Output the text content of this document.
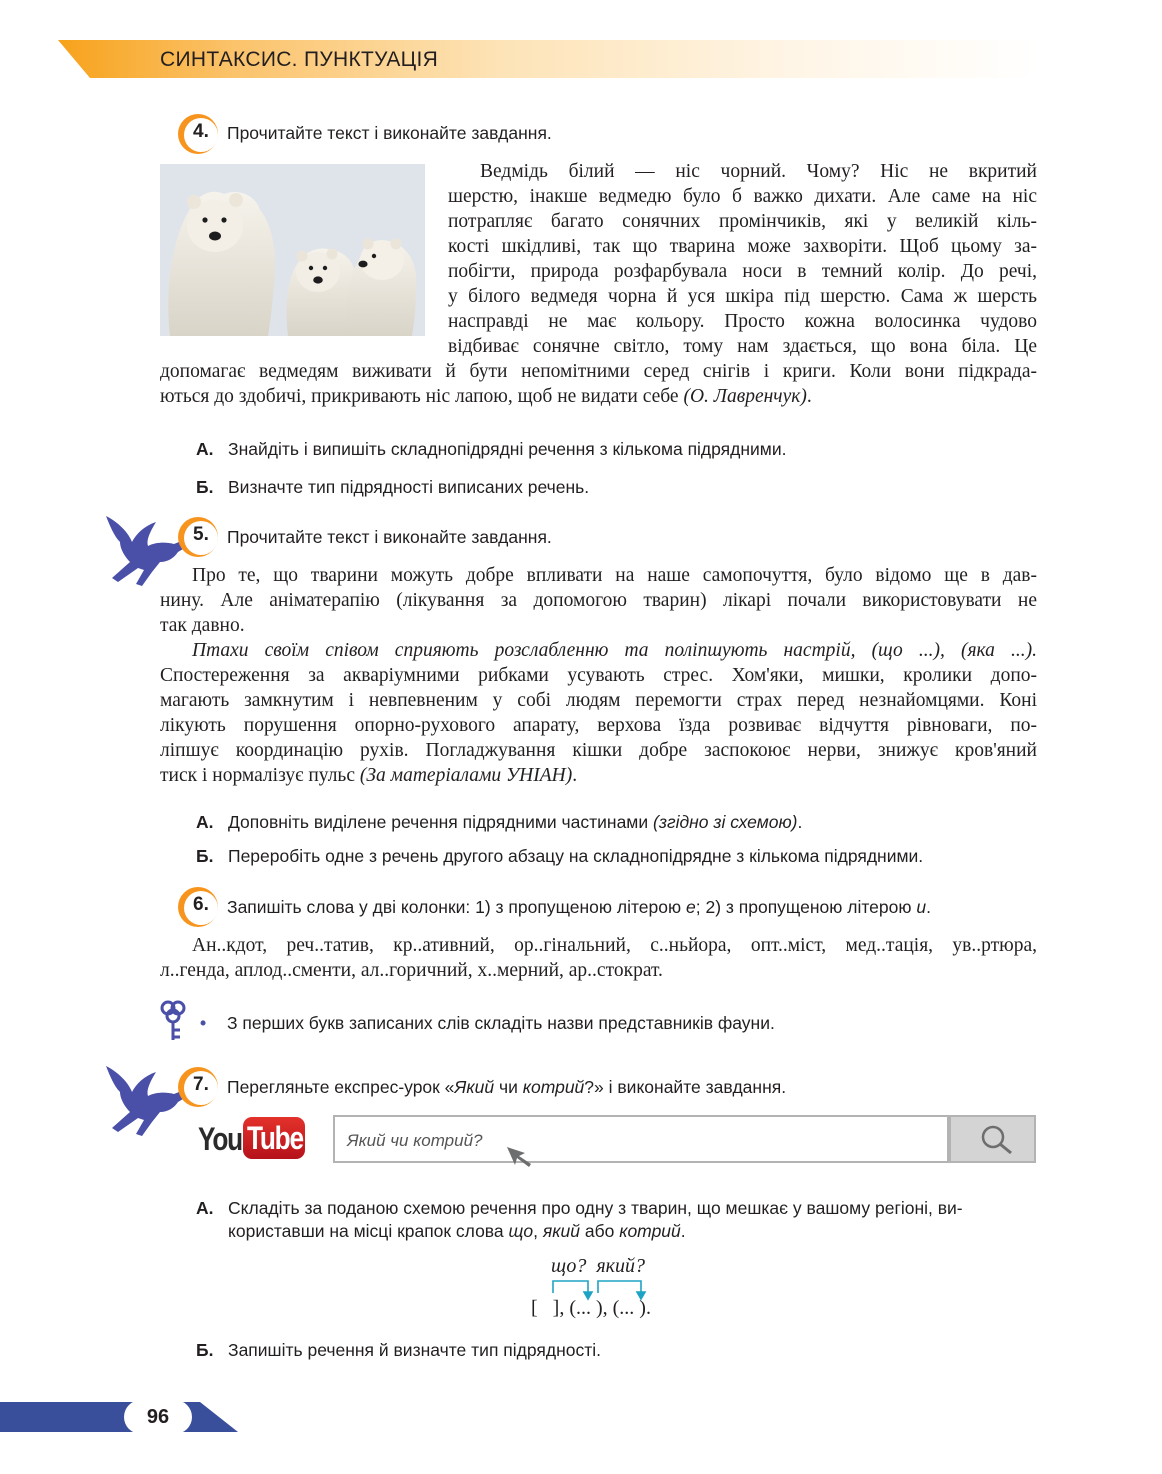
СИНТАКСИС. ПУНКТУАЦІЯ
4. Прочитайте текст і виконайте завдання.

Ведмідь білий — ніс чорний. Чому? Ніс не вкритий

шерстю, інакше ведмедю було б важко дихати. Але саме на ніс

потрапляє багато сонячних промінчиків, які у великій кіль-

кості шкідливі, так що тварина може захворіти. Щоб цьому за-

побігти, природа розфарбувала носи в темний колір. До речі,

у білого ведмедя чорна й уся шкіра під шерстю. Сама ж шерсть

насправді не має кольору. Просто кожна волосинка чудово

відбиває сонячне світло, тому нам здається, що вона біла. Це

допомагає ведмедям виживати й бути непомітними серед снігів і криги. Коли вони підкрада-

ються до здобичі, прикривають ніс лапою, щоб не видати себе (О. Лавренчук).

А. Знайдіть і випишіть складнопідрядні речення з кількома підрядними.
Б. Визначте тип підрядності виписаних речень.
5. Прочитайте текст і виконайте завдання.

Про те, що тварини можуть добре впливати на наше самопочуття, було відомо ще в дав-

нину. Але аніматерапію (лікування за допомогою тварин) лікарі почали використовувати не

так давно.

Птахи своїм співом сприяють розслабленню та поліпшують настрій, (що ...), (яка ...).

Спостереження за акваріумними рибками усувають стрес. Хом'яки, мишки, кролики допо-

магають замкнутим і невпевненим у собі людям перемогти страх перед незнайомцями. Коні

лікують порушення опорно-рухового апарату, верхова їзда розвиває відчуття рівноваги, по-

ліпшує координацію рухів. Погладжування кішки добре заспокоює нерви, знижує кров'яний

тиск і нормалізує пульс (За матеріалами УНІАН).

А. Доповніть виділене речення підрядними частинами (згідно зі схемою).
Б. Переробіть одне з речень другого абзацу на складнопідрядне з кількома підрядними.
6. Запишіть слова у дві колонки: 1) з пропущеною літерою е; 2) з пропущеною літерою и.

Ан..кдот, реч..татив, кр..ативний, ор..гінальний, с..ньйора, опт..міст, мед..тація, ув..ртюра,

л..генда, аплод..сменти, ал..горичний, х..мерний, ар..стократ.

• З перших букв записаних слів складіть назви представників фауни.
7. Перегляньте експрес-урок «Який чи котрий?» і виконайте завдання.
You Tube	Який чи котрий?
А. Складіть за поданою схемою речення про одну з тварин, що мешкає у вашому регіоні, ви-
користавши на місці крапок слова що, який або котрий.
що?  який?
[   ], (... ), (... ).
Б. Запишіть речення й визначте тип підрядності.
96
